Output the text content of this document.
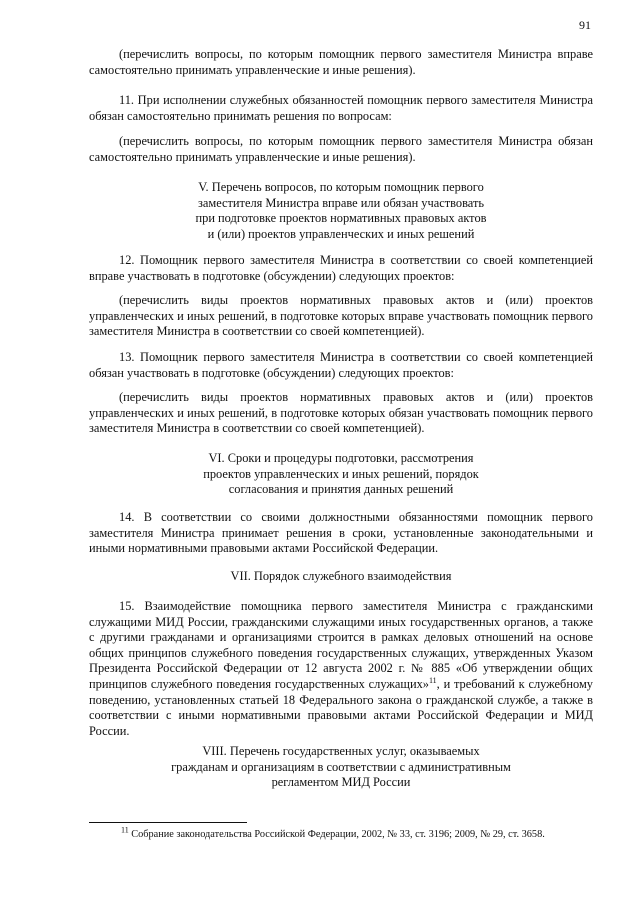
91
(перечислить вопросы, по которым помощник первого заместителя Министра вправе самостоятельно принимать управленческие и иные решения).
11. При исполнении служебных обязанностей помощник первого заместителя Министра обязан самостоятельно принимать решения по вопросам:
(перечислить вопросы, по которым помощник первого заместителя Министра обязан самостоятельно принимать управленческие и иные решения).
V. Перечень вопросов, по которым помощник первого
заместителя Министра вправе или обязан участвовать
при подготовке проектов нормативных правовых актов
и (или) проектов управленческих и иных решений
12. Помощник первого заместителя Министра в соответствии со своей компетенцией вправе участвовать в подготовке (обсуждении) следующих проектов:
(перечислить виды проектов нормативных правовых актов и (или) проектов управленческих и иных решений, в подготовке которых вправе участвовать помощник первого заместителя Министра в соответствии со своей компетенцией).
13. Помощник первого заместителя Министра в соответствии со своей компетенцией обязан участвовать в подготовке (обсуждении) следующих проектов:
(перечислить виды проектов нормативных правовых актов и (или) проектов управленческих и иных решений, в подготовке которых обязан участвовать помощник первого заместителя Министра в соответствии со своей компетенцией).
VI. Сроки и процедуры подготовки, рассмотрения
проектов управленческих и иных решений, порядок
согласования и принятия данных решений
14. В соответствии со своими должностными обязанностями помощник первого заместителя Министра принимает решения в сроки, установленные законодательными и иными нормативными правовыми актами Российской Федерации.
VII. Порядок служебного взаимодействия
15. Взаимодействие помощника первого заместителя Министра с гражданскими служащими МИД России, гражданскими служащими иных государственных органов, а также с другими гражданами и организациями строится в рамках деловых отношений на основе общих принципов служебного поведения государственных служащих, утвержденных Указом Президента Российской Федерации от 12 августа 2002 г. № 885 «Об утверждении общих принципов служебного поведения государственных служащих»$^{11}$, и требований к служебному поведению, установленных статьей 18 Федерального закона о гражданской службе, а также в соответствии с иными нормативными правовыми актами Российской Федерации и МИД России.
VIII. Перечень государственных услуг, оказываемых
гражданам и организациям в соответствии с административным
регламентом МИД России
$^{11}$ Собрание законодательства Российской Федерации, 2002, № 33, ст. 3196; 2009, № 29, ст. 3658.
